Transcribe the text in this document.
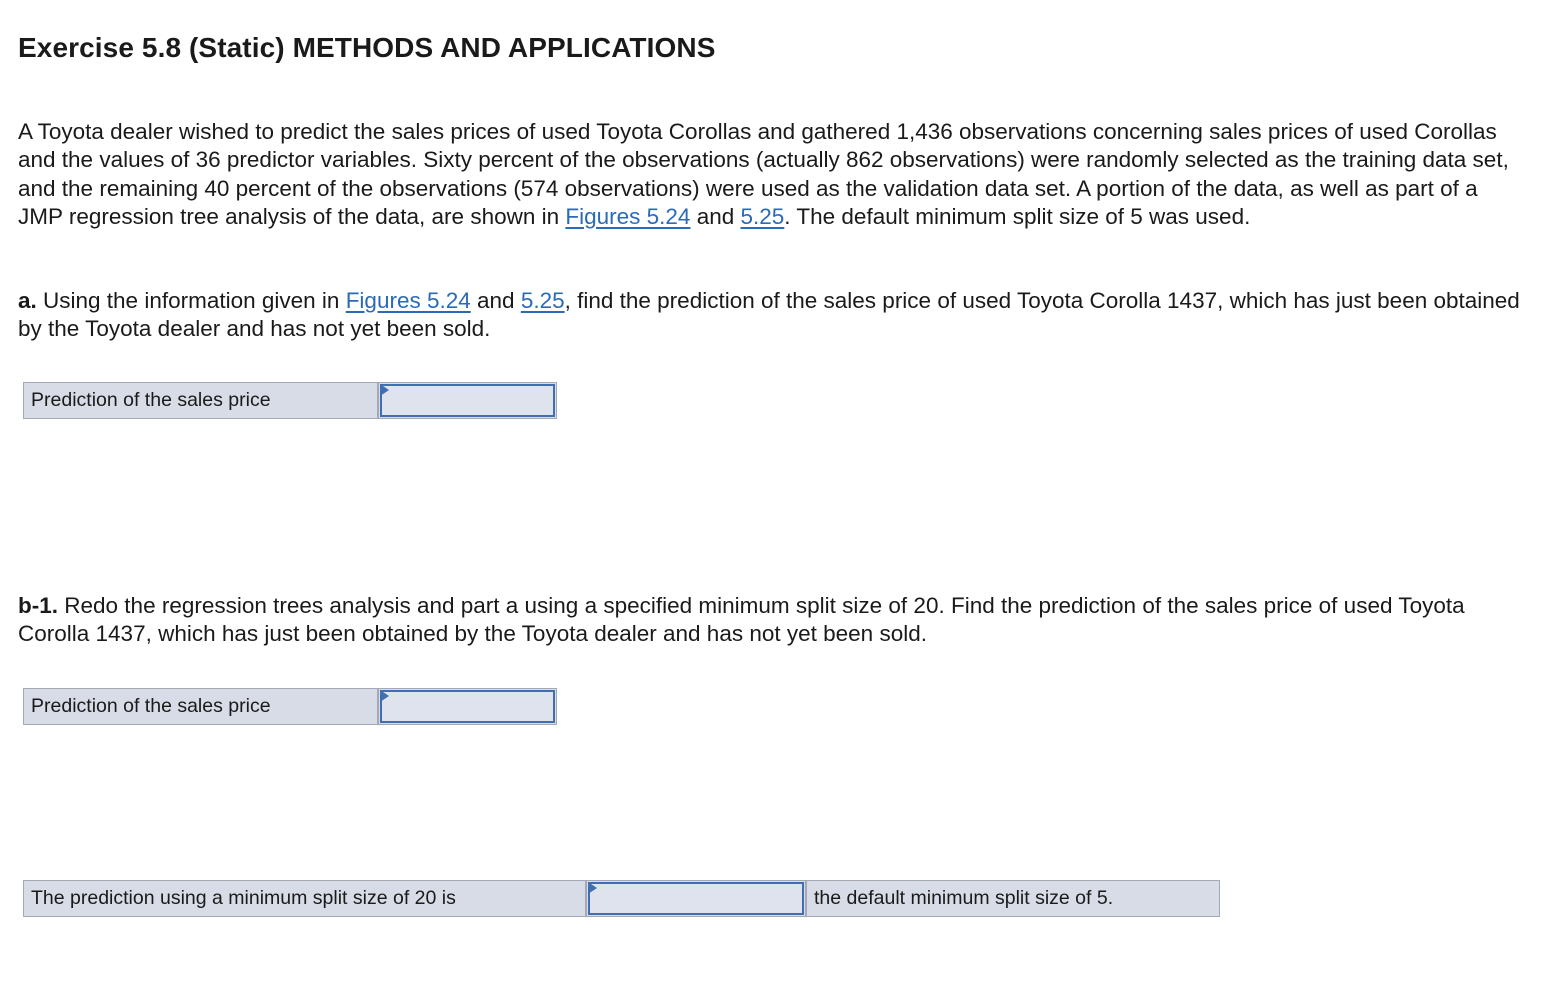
Exercise 5.8 (Static) METHODS AND APPLICATIONS

A Toyota dealer wished to predict the sales prices of used Toyota Corollas and gathered 1,436 observations concerning sales prices of used Corollas and the values of 36 predictor variables. Sixty percent of the observations (actually 862 observations) were randomly selected as the training data set, and the remaining 40 percent of the observations (574 observations) were used as the validation data set. A portion of the data, as well as part of a JMP regression tree analysis of the data, are shown in Figures 5.24 and 5.25. The default minimum split size of 5 was used.

a. Using the information given in Figures 5.24 and 5.25, find the prediction of the sales price of used Toyota Corolla 1437, which has just been obtained by the Toyota dealer and has not yet been sold.

Prediction of the sales price

b-1. Redo the regression trees analysis and part a using a specified minimum split size of 20. Find the prediction of the sales price of used Toyota Corolla 1437, which has just been obtained by the Toyota dealer and has not yet been sold.

Prediction of the sales price
The prediction using a minimum split size of 20 is	the default minimum split size of 5.
